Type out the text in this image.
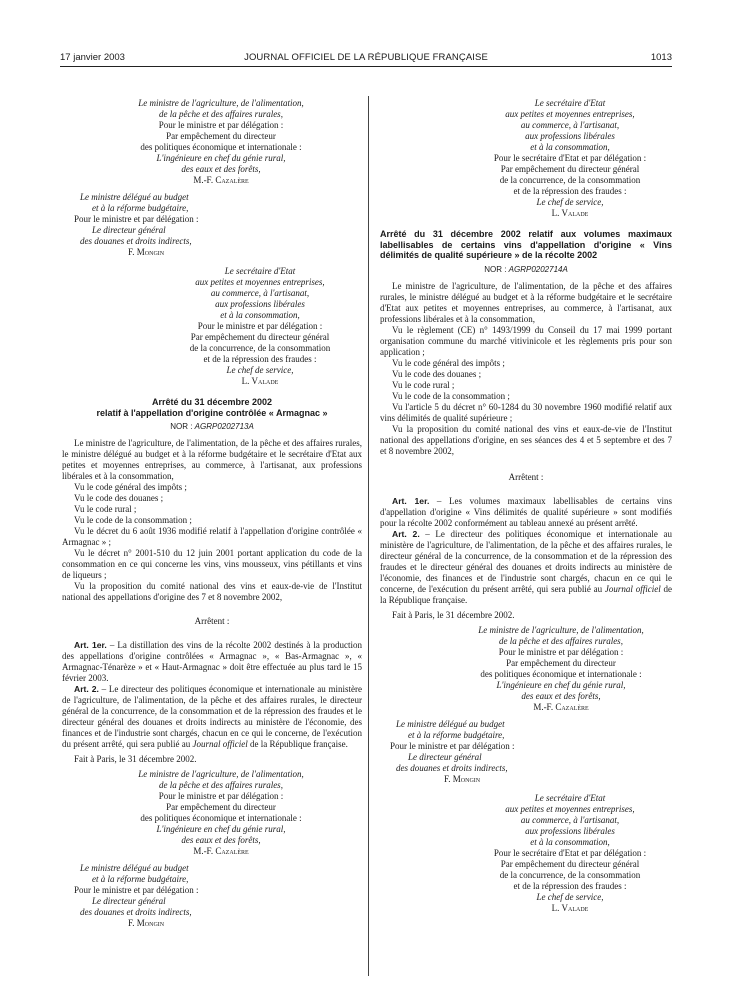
17 janvier 2003	JOURNAL OFFICIEL DE LA RÉPUBLIQUE FRANÇAISE	1013

Le ministre de l'agriculture, de l'alimentation,

de la pêche et des affaires rurales,

Pour le ministre et par délégation :

Par empêchement du directeur

des politiques économique et internationale :

L'ingénieure en chef du génie rural,

des eaux et des forêts,

M.-F. Cazalère

Le ministre délégué au budget

et à la réforme budgétaire,

Pour le ministre et par délégation :

Le directeur général

des douanes et droits indirects,

F. Mongin

Le secrétaire d'Etat

aux petites et moyennes entreprises,

au commerce, à l'artisanat,

aux professions libérales

et à la consommation,

Pour le ministre et par délégation :

Par empêchement du directeur général

de la concurrence, de la consommation

et de la répression des fraudes :

Le chef de service,

L. Valade

Arrêté du 31 décembre 2002

relatif à l'appellation d'origine contrôlée « Armagnac »

NOR : AGRP0202713A

Le ministre de l'agriculture, de l'alimentation, de la pêche et des affaires rurales, le ministre délégué au budget et à la réforme budgétaire et le secrétaire d'Etat aux petites et moyennes entreprises, au commerce, à l'artisanat, aux professions libérales et à la consommation,

Vu le code général des impôts ;

Vu le code des douanes ;

Vu le code rural ;

Vu le code de la consommation ;

Vu le décret du 6 août 1936 modifié relatif à l'appellation d'origine contrôlée « Armagnac » ;

Vu le décret n° 2001-510 du 12 juin 2001 portant application du code de la consommation en ce qui concerne les vins, vins mousseux, vins pétillants et vins de liqueurs ;

Vu la proposition du comité national des vins et eaux-de-vie de l'Institut national des appellations d'origine des 7 et 8 novembre 2002,

Arrêtent :

Art. 1er. – La distillation des vins de la récolte 2002 destinés à la production des appellations d'origine contrôlées « Armagnac », « Bas-Armagnac », « Armagnac-Ténarèze » et « Haut-Armagnac » doit être effectuée au plus tard le 15 février 2003.

Art. 2. – Le directeur des politiques économique et internationale au ministère de l'agriculture, de l'alimentation, de la pêche et des affaires rurales, le directeur général de la concurrence, de la consommation et de la répression des fraudes et le directeur général des douanes et droits indirects au ministère de l'économie, des finances et de l'industrie sont chargés, chacun en ce qui le concerne, de l'exécution du présent arrêté, qui sera publié au Journal officiel de la République française.

Fait à Paris, le 31 décembre 2002.

Le ministre de l'agriculture, de l'alimentation,

de la pêche et des affaires rurales,

Pour le ministre et par délégation :

Par empêchement du directeur

des politiques économique et internationale :

L'ingénieure en chef du génie rural,

des eaux et des forêts,

M.-F. Cazalère

Le ministre délégué au budget

et à la réforme budgétaire,

Pour le ministre et par délégation :

Le directeur général

des douanes et droits indirects,

F. Mongin

Le secrétaire d'Etat

aux petites et moyennes entreprises,

au commerce, à l'artisanat,

aux professions libérales

et à la consommation,

Pour le secrétaire d'Etat et par délégation :

Par empêchement du directeur général

de la concurrence, de la consommation

et de la répression des fraudes :

Le chef de service,

L. Valade

Arrêté du 31 décembre 2002 relatif aux volumes maximaux labellisables de certains vins d'appellation d'origine « Vins délimités de qualité supérieure » de la récolte 2002

NOR : AGRP0202714A

Le ministre de l'agriculture, de l'alimentation, de la pêche et des affaires rurales, le ministre délégué au budget et à la réforme budgétaire et le secrétaire d'Etat aux petites et moyennes entreprises, au commerce, à l'artisanat, aux professions libérales et à la consommation,

Vu le règlement (CE) n° 1493/1999 du Conseil du 17 mai 1999 portant organisation commune du marché vitivinicole et les règlements pris pour son application ;

Vu le code général des impôts ;

Vu le code des douanes ;

Vu le code rural ;

Vu le code de la consommation ;

Vu l'article 5 du décret n° 60-1284 du 30 novembre 1960 modifié relatif aux vins délimités de qualité supérieure ;

Vu la proposition du comité national des vins et eaux-de-vie de l'Institut national des appellations d'origine, en ses séances des 4 et 5 septembre et des 7 et 8 novembre 2002,

Arrêtent :

Art. 1er. – Les volumes maximaux labellisables de certains vins d'appellation d'origine « Vins délimités de qualité supérieure » sont modifiés pour la récolte 2002 conformément au tableau annexé au présent arrêté.

Art. 2. – Le directeur des politiques économique et internationale au ministère de l'agriculture, de l'alimentation, de la pêche et des affaires rurales, le directeur général de la concurrence, de la consommation et de la répression des fraudes et le directeur général des douanes et droits indirects au ministère de l'économie, des finances et de l'industrie sont chargés, chacun en ce qui le concerne, de l'exécution du présent arrêté, qui sera publié au Journal officiel de la République française.

Fait à Paris, le 31 décembre 2002.

Le ministre de l'agriculture, de l'alimentation,

de la pêche et des affaires rurales,

Pour le ministre et par délégation :

Par empêchement du directeur

des politiques économique et internationale :

L'ingénieure en chef du génie rural,

des eaux et des forêts,

M.-F. Cazalère

Le ministre délégué au budget

et à la réforme budgétaire,

Pour le ministre et par délégation :

Le directeur général

des douanes et droits indirects,

F. Mongin

Le secrétaire d'Etat

aux petites et moyennes entreprises,

au commerce, à l'artisanat,

aux professions libérales

et à la consommation,

Pour le secrétaire d'Etat et par délégation :

Par empêchement du directeur général

de la concurrence, de la consommation

et de la répression des fraudes :

Le chef de service,

L. Valade
